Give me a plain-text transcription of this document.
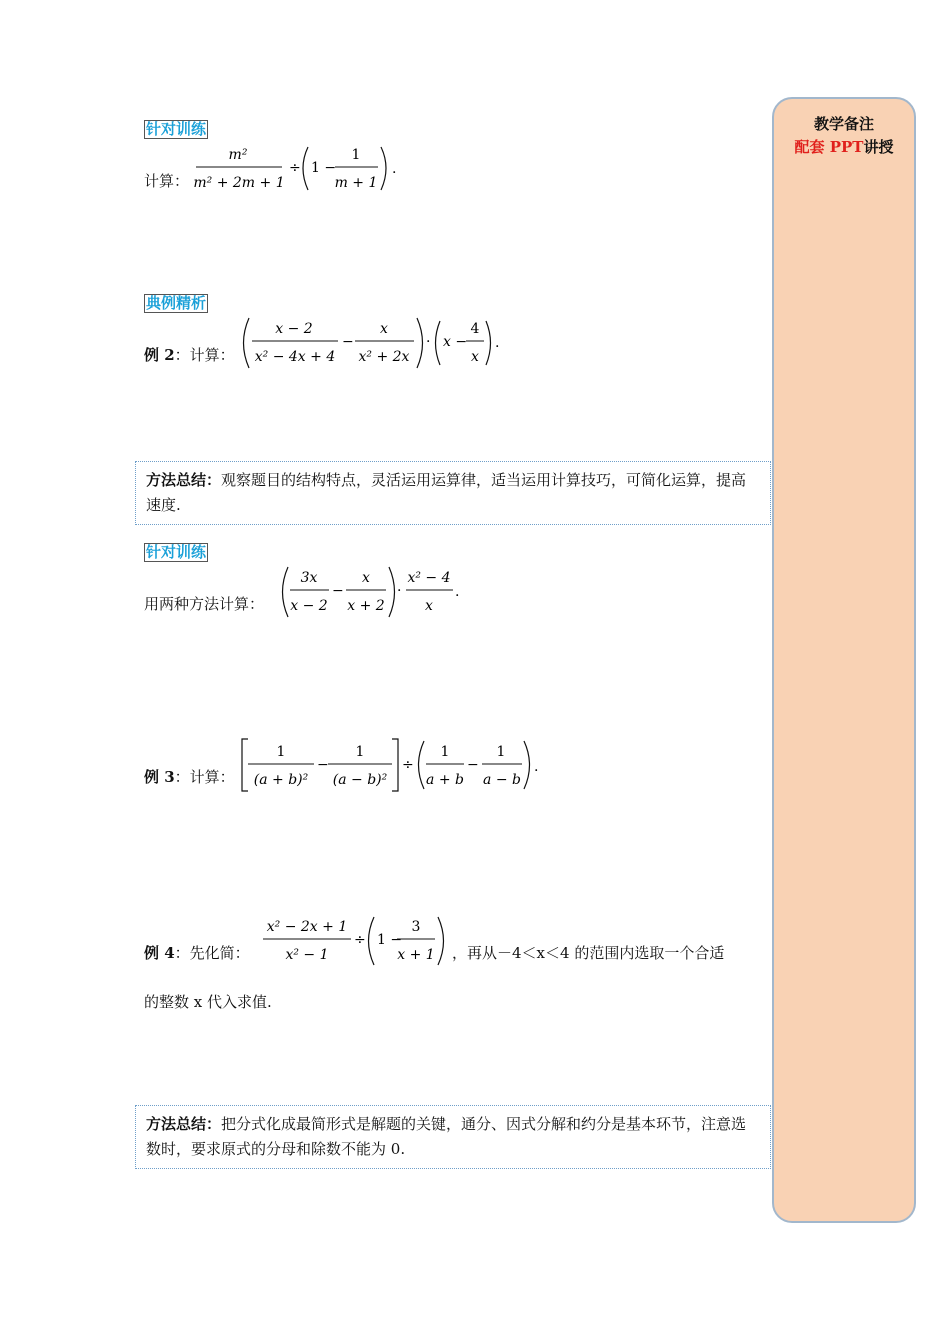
教学备注
配套 PPT讲授
针对训练
计算：
m²
m² + 2m + 1
÷ 1 −
1
m + 1
.
典例精析
例 2：计算：
x − 2
x² − 4x + 4
−
x
x² + 2x
· x −
4
x
.
方法总结：观察题目的结构特点，灵活运用运算律，适当运用计算技巧，可简化运算，提高速度.
针对训练
用两种方法计算：
3x
x − 2
−
x
x + 2
·
x² − 4
x
.
例 3：计算：
1
(a + b)²
−
1
(a − b)²
÷
1
a + b
−
1
a − b
.
例 4：先化简：
x² − 2x + 1
x² − 1
÷ 1 −
3
x + 1 ，再从－4＜x＜4 的范围内选取一个合适
的整数 x 代入求值.
方法总结：把分式化成最简形式是解题的关键，通分、因式分解和约分是基本环节，注意选数时，要求原式的分母和除数不能为 0.
